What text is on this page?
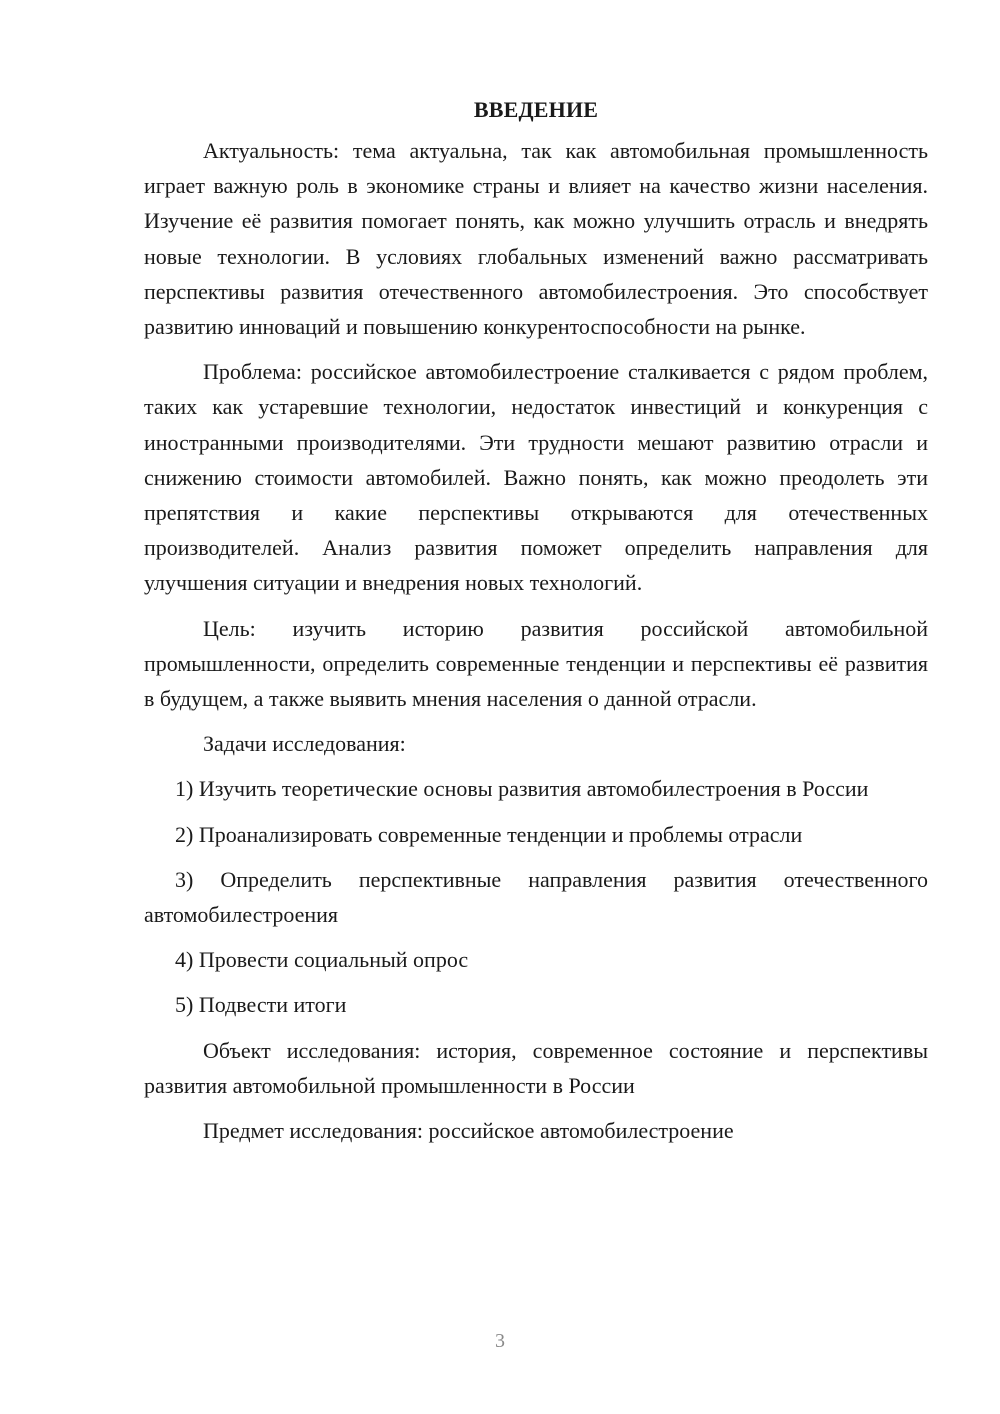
ВВЕДЕНИЕ

Актуальность: тема актуальна, так как автомобильная промышленность играет важную роль в экономике страны и влияет на качество жизни населения. Изучение её развития помогает понять, как можно улучшить отрасль и внедрять новые технологии. В условиях глобальных изменений важно рассматривать перспективы развития отечественного автомобилестроения. Это способствует развитию инноваций и повышению конкурентоспособности на рынке.

Проблема: российское автомобилестроение сталкивается с рядом проблем, таких как устаревшие технологии, недостаток инвестиций и конкуренция с иностранными производителями. Эти трудности мешают развитию отрасли и снижению стоимости автомобилей. Важно понять, как можно преодолеть эти препятствия и какие перспективы открываются для отечественных производителей. Анализ развития поможет определить направления для улучшения ситуации и внедрения новых технологий.

Цель: изучить историю развития российской автомобильной промышленности, определить современные тенденции и перспективы её развития в будущем, а также выявить мнения населения о данной отрасли.

Задачи исследования:

1) Изучить теоретические основы развития автомобилестроения в России

2) Проанализировать современные тенденции и проблемы отрасли

3) Определить перспективные направления развития отечественного автомобилестроения

4) Провести социальный опрос

5) Подвести итоги

Объект исследования: история, современное состояние и перспективы развития автомобильной промышленности в России

Предмет исследования: российское автомобилестроение

3
